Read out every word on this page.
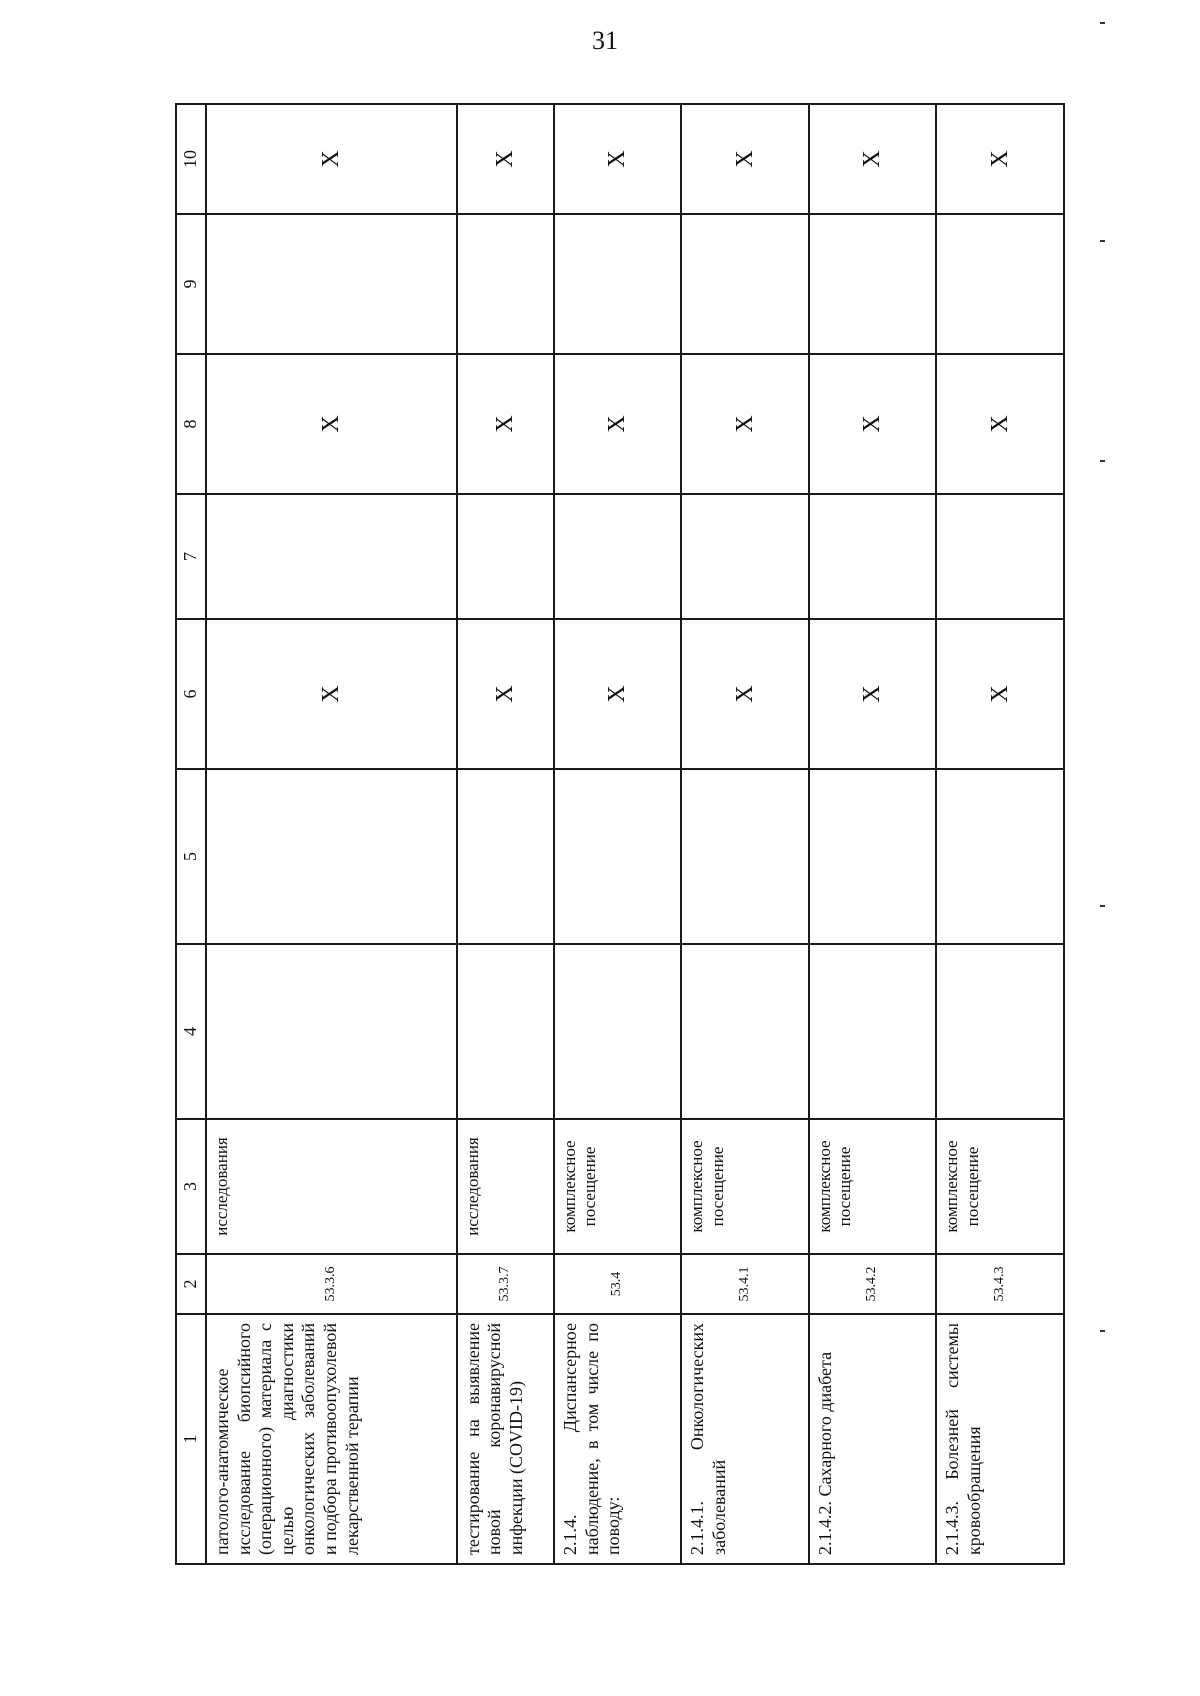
31
1	2	3	4	5	6	7	8	9	10
патолого-анатомическое исследование биопсийного (операционного) материала с целью диагностики онкологических заболеваний и подбора противоопухолевой лекарственной терапии	53.3.6	исследования			X		X		X
тестирование на выявление новой коронавирусной инфекции (COVID-19)	53.3.7	исследования			X		X		X
2.1.4. Диспансерное наблюдение, в том числе по поводу:	53.4	комплексное посещение			X		X		X
2.1.4.1. Онкологических заболеваний	53.4.1	комплексное посещение			X		X		X
2.1.4.2. Сахарного диабета	53.4.2	комплексное посещение			X		X		X
2.1.4.3. Болезней системы кровообращения	53.4.3	комплексное посещение			X		X		X
